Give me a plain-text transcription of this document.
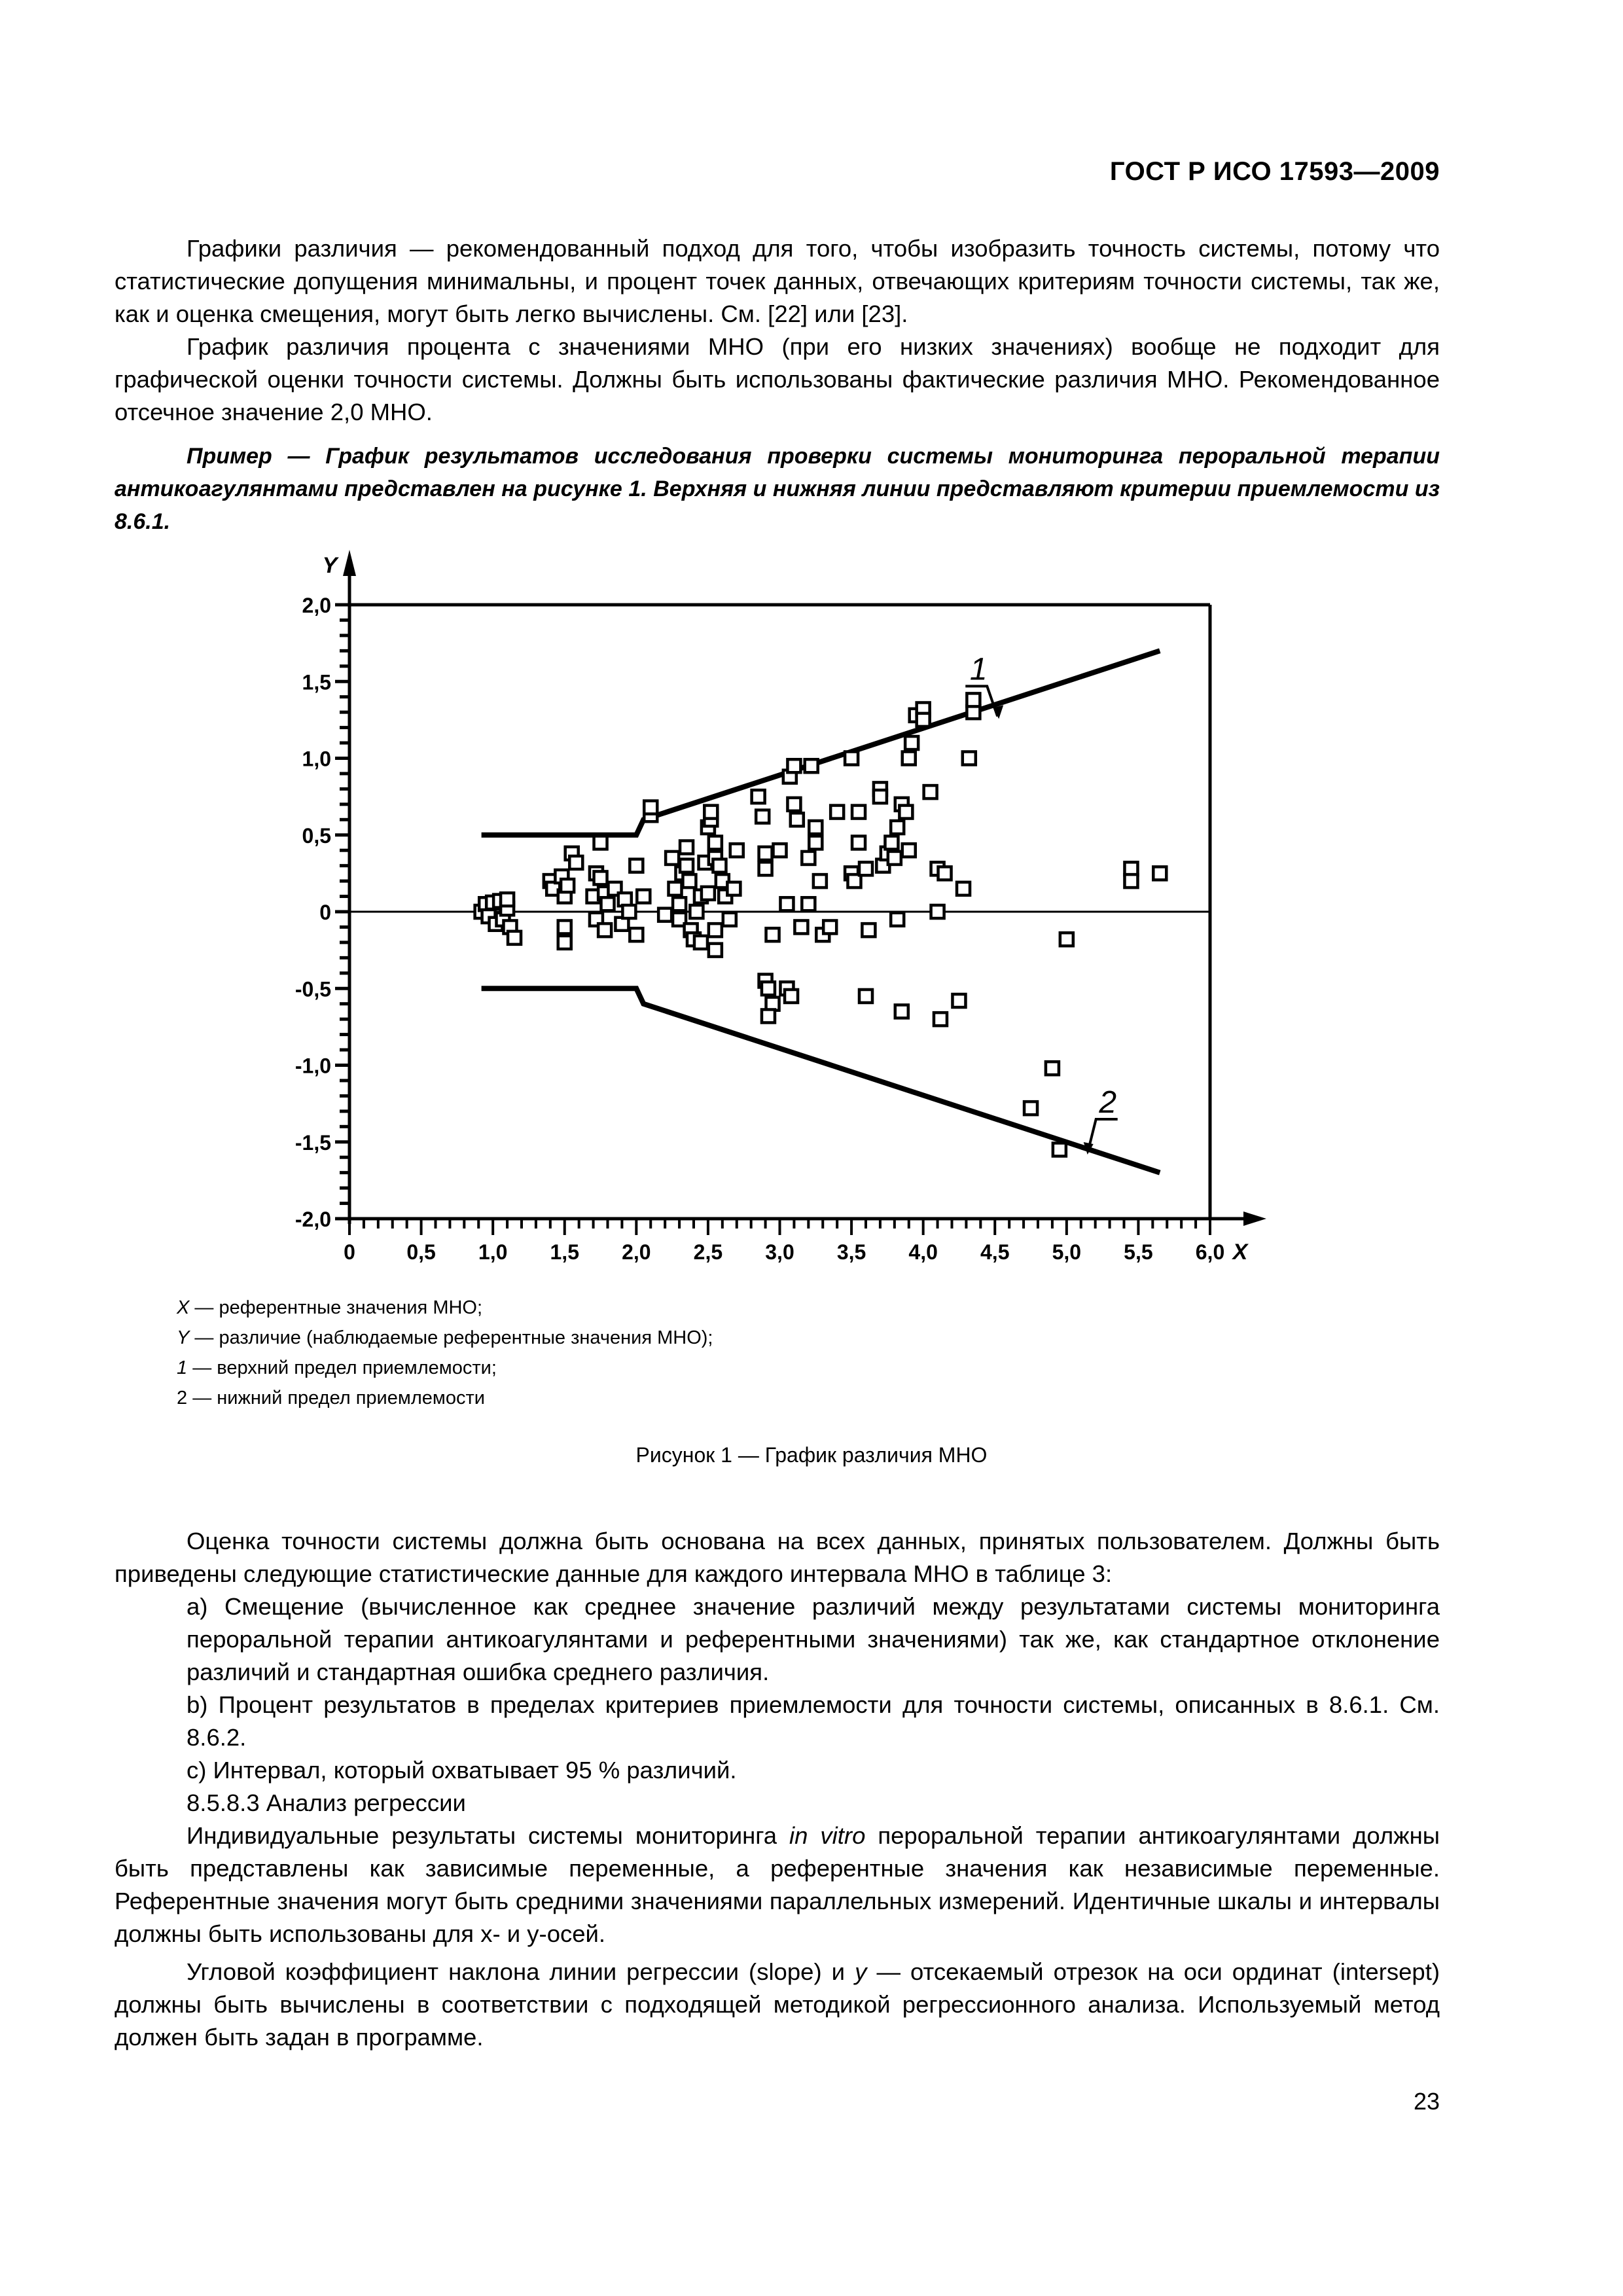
ГОСТ Р ИСО 17593—2009

Графики различия — рекомендованный подход для того, чтобы изобразить точность системы, потому что статистические допущения минимальны, и процент точек данных, отвечающих критериям точности системы, так же, как и оценка смещения, могут быть легко вычислены. См. [22] или [23].

График различия процента с значениями МНО (при его низких значениях) вообще не подходит для графической оценки точности системы. Должны быть использованы фактические различия МНО. Рекомендованное отсечное значение 2,0 МНО.

Пример — График результатов исследования проверки системы мониторинга пероральной терапии антикоагулянтами представлен на рисунке 1. Верхняя и нижняя линии представляют критерии приемлемости из 8.6.1.

2,0
1,5
1,0
0,5
0
-0,5
-1,0
-1,5
-2,0
0 0,5 1,0 1,5 2,0 2,5 3,0 3,5 4,0 4,5 5,0 5,5 6,0 X
Y
1
2
X — референтные значения МНО;
Y — различие (наблюдаемые референтные значения МНО);
1 — верхний предел приемлемости;
2 — нижний предел приемлемости
Рисунок 1 — График различия МНО

Оценка точности системы должна быть основана на всех данных, принятых пользователем. Должны быть приведены следующие статистические данные для каждого интервала МНО в таблице 3:

a) Смещение (вычисленное как среднее значение различий между результатами системы мониторинга пероральной терапии антикоагулянтами и референтными значениями) так же, как стандартное отклонение различий и стандартная ошибка среднего различия.

b) Процент результатов в пределах критериев приемлемости для точности системы, описанных в 8.6.1. См. 8.6.2.

c) Интервал, который охватывает 95 % различий.

8.5.8.3 Анализ регрессии

Индивидуальные результаты системы мониторинга in vitro пероральной терапии антикоагулянтами должны быть представлены как зависимые переменные, а референтные значения как независимые переменные. Референтные значения могут быть средними значениями параллельных измерений. Идентичные шкалы и интервалы должны быть использованы для x- и y-осей.

Угловой коэффициент наклона линии регрессии (slope) и y — отсекаемый отрезок на оси ординат (intersept) должны быть вычислены в соответствии с подходящей методикой регрессионного анализа. Используемый метод должен быть задан в программе.

23
